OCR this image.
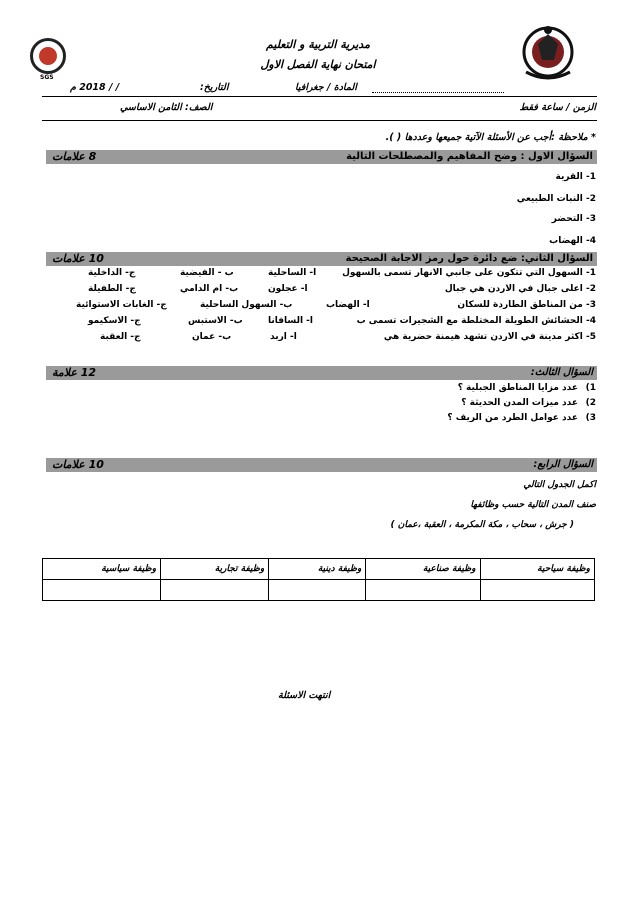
SGS
مديرية التربية و التعليم
امتحان نهاية الفصل الاول
المادة / جغرافيا
التاريخ:
/ / 2018 م
الزمن / ساعة فقط
الصف: الثامن الاساسي
* ملاحظة :أجب عن الأسئلة الآتية جميعها وعددها ( ).
السؤال الاول : وضح المفاهيم والمصطلحات التالية
8 علامات
1- القرية
2- النبات الطبيعي
3- التحضر
4- الهضاب
السؤال الثاني: ضع دائرة حول رمز الاجابة الصحيحة
10 علامات
1- السهول التي تتكون على جانبي الانهار تسمى بالسهول
ا- الساحلية
ب - الفيضية
ج- الداخلية
2- اعلى جبال في الاردن هي جبال
ا- عجلون
ب- ام الدامي
ج- الطفيلة
3- من المناطق الطاردة للسكان
ا- الهضاب
ب- السهول الساحلية
ج- الغابات الاستوائية
4- الحشائش الطويلة المختلطة مع الشجيرات تسمى ب
ا- السافانا
ب- الاستبس
ج- الاسكيمو
5- اكثر مدينة في الاردن تشهد هيمنة حضرية هي
ا- اربد
ب- عمان
ج- العقبة
السؤال الثالث:
12 علامة
1)
عدد مزايا المناطق الجبلية ؟
2)
عدد ميزات المدن الحديثة ؟
3)
عدد عوامل الطرد من الريف ؟
السؤال الرابع:
10 علامات
اكمل الجدول التالي
صنف المدن التالية حسب وظائفها
( جرش ، سحاب ، مكة المكرمة ، العقبة ،عمان )
وظيفة سياسية	وظيفة تجارية	وظيفة دينية	وظيفة صناعية	وظيفة سياحية

انتهت الاسئلة
